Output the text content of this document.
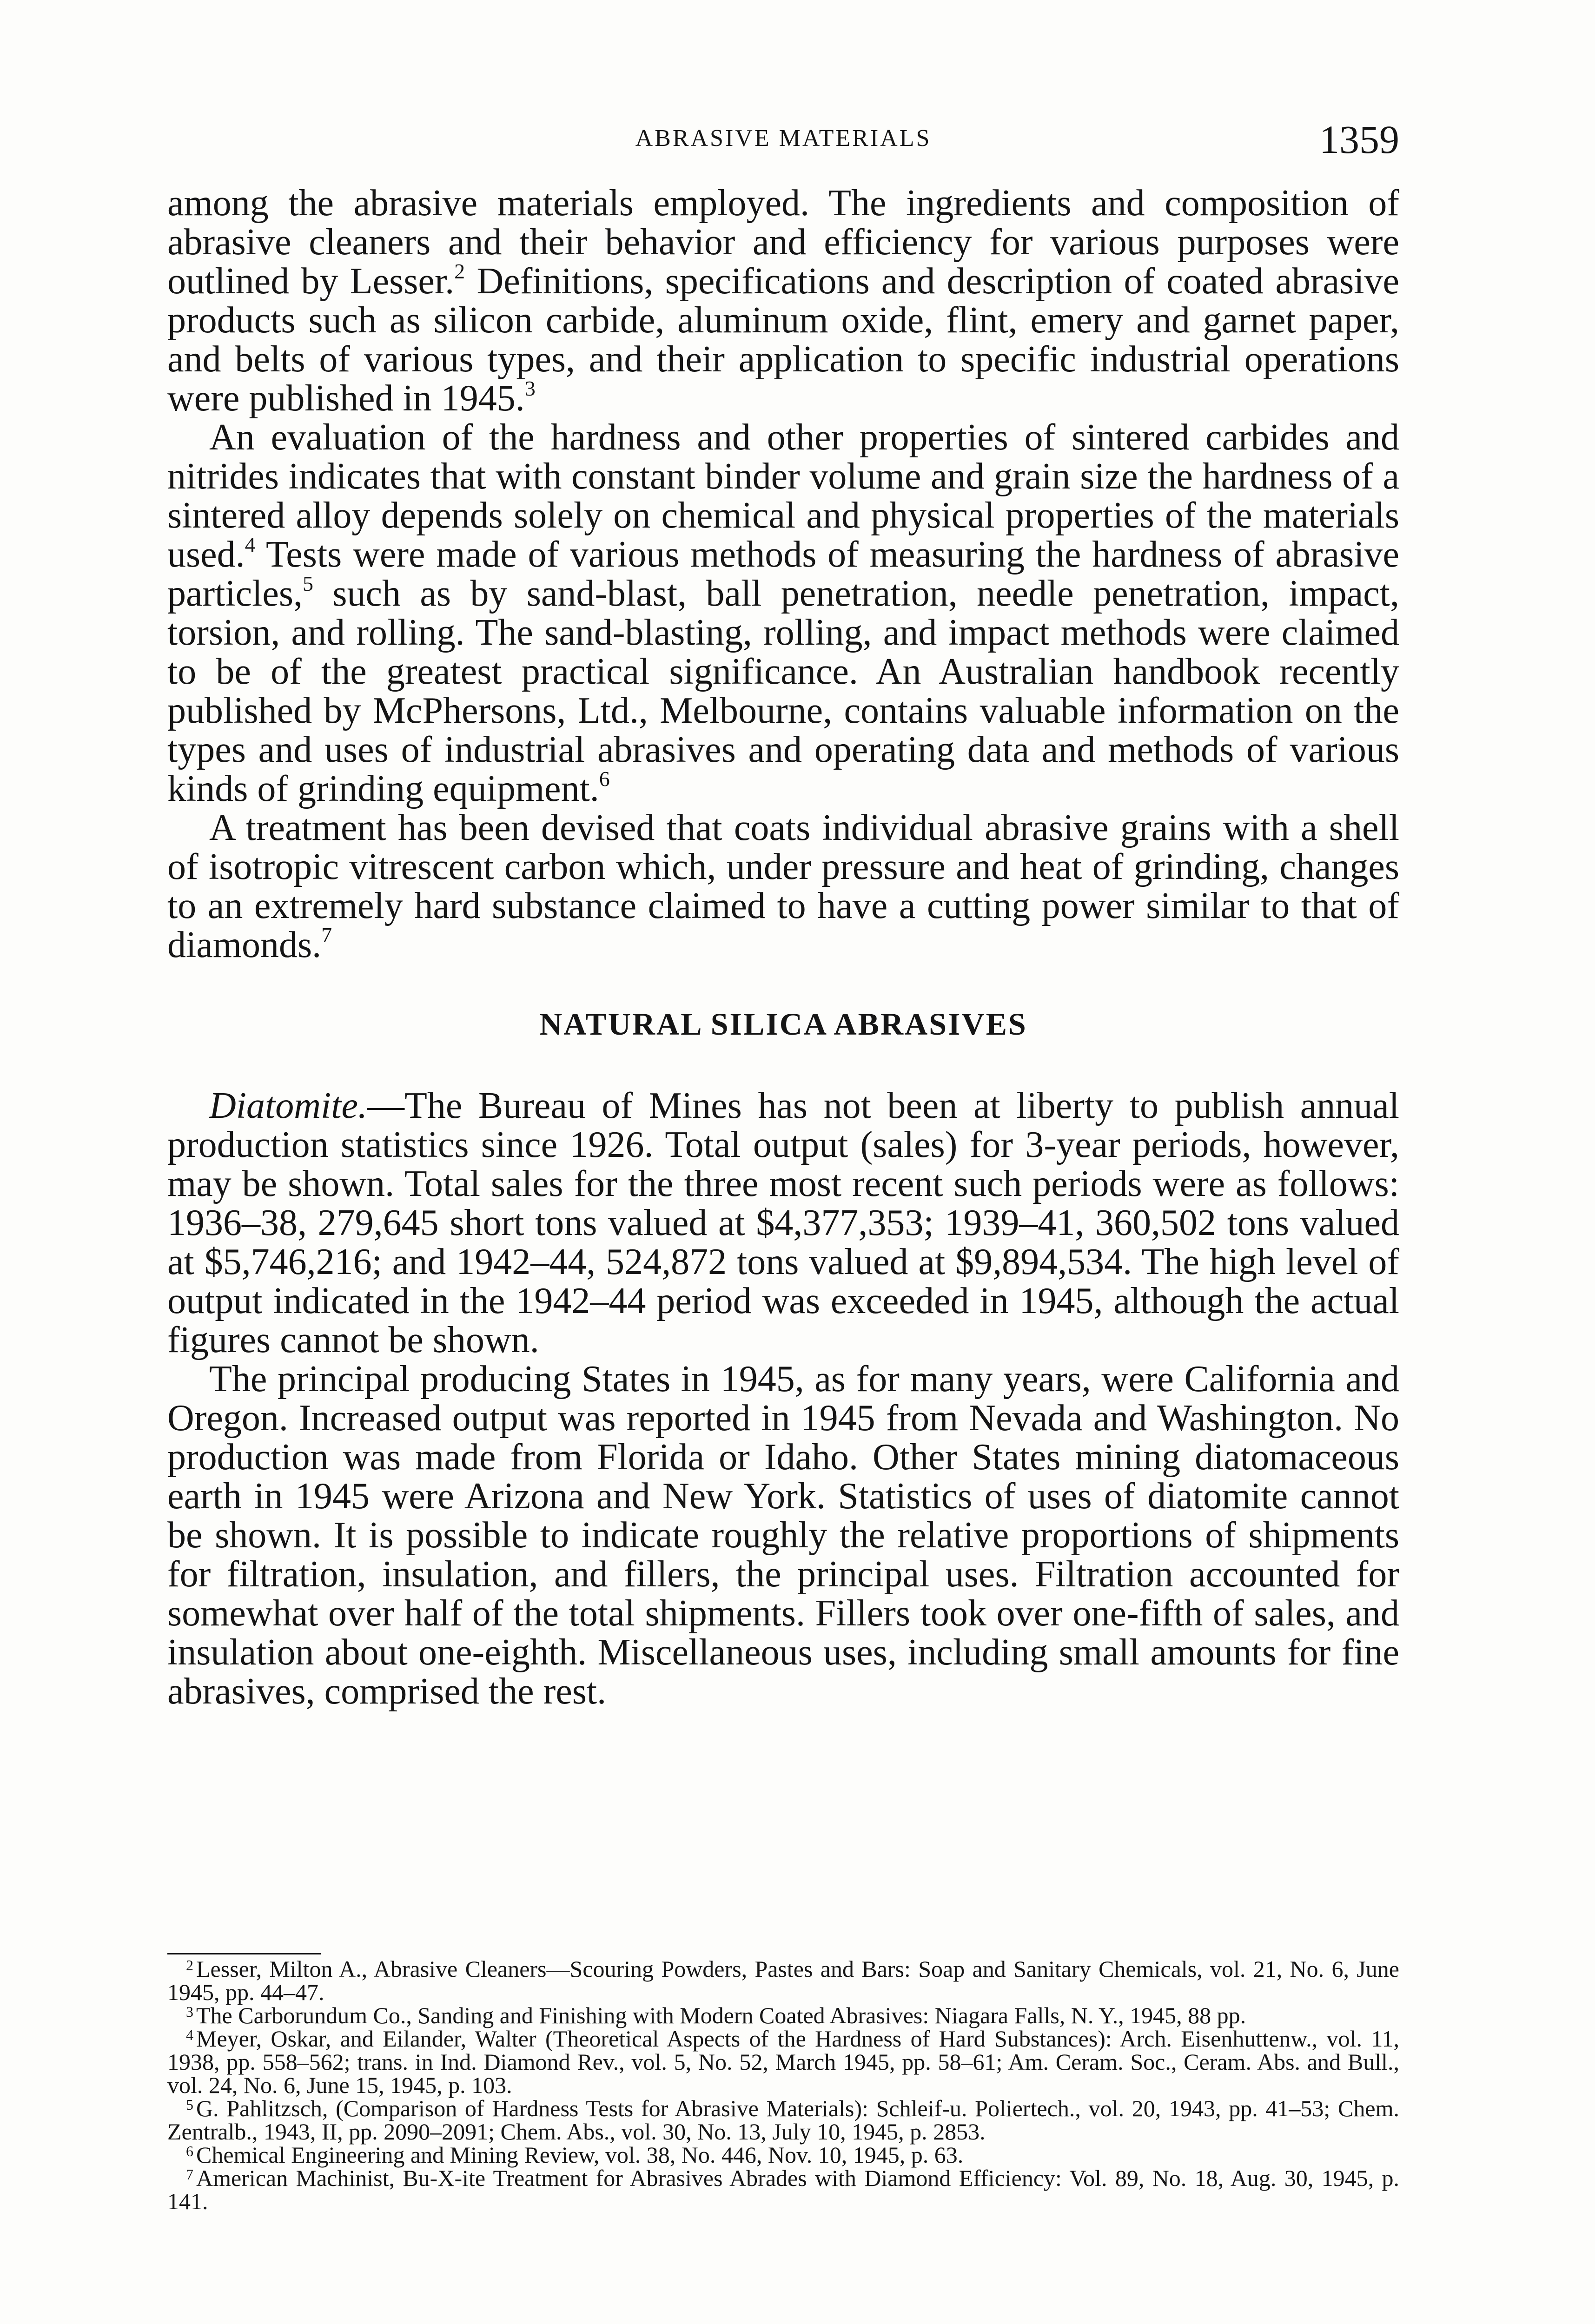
ABRASIVE MATERIALS	1359

among the abrasive materials employed. The ingredients and composition of abrasive cleaners and their behavior and efficiency for various purposes were outlined by Lesser.$^2$ Definitions, specifications and description of coated abrasive products such as silicon carbide, aluminum oxide, flint, emery and garnet paper, and belts of various types, and their application to specific industrial operations were published in 1945.$^3$

An evaluation of the hardness and other properties of sintered carbides and nitrides indicates that with constant binder volume and grain size the hardness of a sintered alloy depends solely on chemical and physical properties of the materials used.$^4$ Tests were made of various methods of measuring the hardness of abrasive particles,$^5$ such as by sand-blast, ball penetration, needle penetration, impact, torsion, and rolling. The sand-blasting, rolling, and impact methods were claimed to be of the greatest practical significance. An Australian handbook recently published by McPhersons, Ltd., Melbourne, contains valuable information on the types and uses of industrial abrasives and operating data and methods of various kinds of grinding equipment.$^6$

A treatment has been devised that coats individual abrasive grains with a shell of isotropic vitrescent carbon which, under pressure and heat of grinding, changes to an extremely hard substance claimed to have a cutting power similar to that of diamonds.$^7$

NATURAL SILICA ABRASIVES

Diatomite.—The Bureau of Mines has not been at liberty to publish annual production statistics since 1926. Total output (sales) for 3-year periods, however, may be shown. Total sales for the three most recent such periods were as follows: 1936–38, 279,645 short tons valued at $4,377,353; 1939–41, 360,502 tons valued at $5,746,216; and 1942–44, 524,872 tons valued at $9,894,534. The high level of output indicated in the 1942–44 period was exceeded in 1945, although the actual figures cannot be shown.

The principal producing States in 1945, as for many years, were California and Oregon. Increased output was reported in 1945 from Nevada and Washington. No production was made from Florida or Idaho. Other States mining diatomaceous earth in 1945 were Arizona and New York. Statistics of uses of diatomite cannot be shown. It is possible to indicate roughly the relative proportions of shipments for filtration, insulation, and fillers, the principal uses. Filtration accounted for somewhat over half of the total shipments. Fillers took over one-fifth of sales, and insulation about one-eighth. Miscellaneous uses, including small amounts for fine abrasives, comprised the rest.

$^2$ Lesser, Milton A., Abrasive Cleaners—Scouring Powders, Pastes and Bars: Soap and Sanitary Chemicals, vol. 21, No. 6, June 1945, pp. 44–47.

$^3$ The Carborundum Co., Sanding and Finishing with Modern Coated Abrasives: Niagara Falls, N. Y., 1945, 88 pp.

$^4$ Meyer, Oskar, and Eilander, Walter (Theoretical Aspects of the Hardness of Hard Substances): Arch. Eisenhuttenw., vol. 11, 1938, pp. 558–562; trans. in Ind. Diamond Rev., vol. 5, No. 52, March 1945, pp. 58–61; Am. Ceram. Soc., Ceram. Abs. and Bull., vol. 24, No. 6, June 15, 1945, p. 103.

$^5$ G. Pahlitzsch, (Comparison of Hardness Tests for Abrasive Materials): Schleif-u. Poliertech., vol. 20, 1943, pp. 41–53; Chem. Zentralb., 1943, II, pp. 2090–2091; Chem. Abs., vol. 30, No. 13, July 10, 1945, p. 2853.

$^6$ Chemical Engineering and Mining Review, vol. 38, No. 446, Nov. 10, 1945, p. 63.

$^7$ American Machinist, Bu-X-ite Treatment for Abrasives Abrades with Diamond Efficiency: Vol. 89, No. 18, Aug. 30, 1945, p. 141.
